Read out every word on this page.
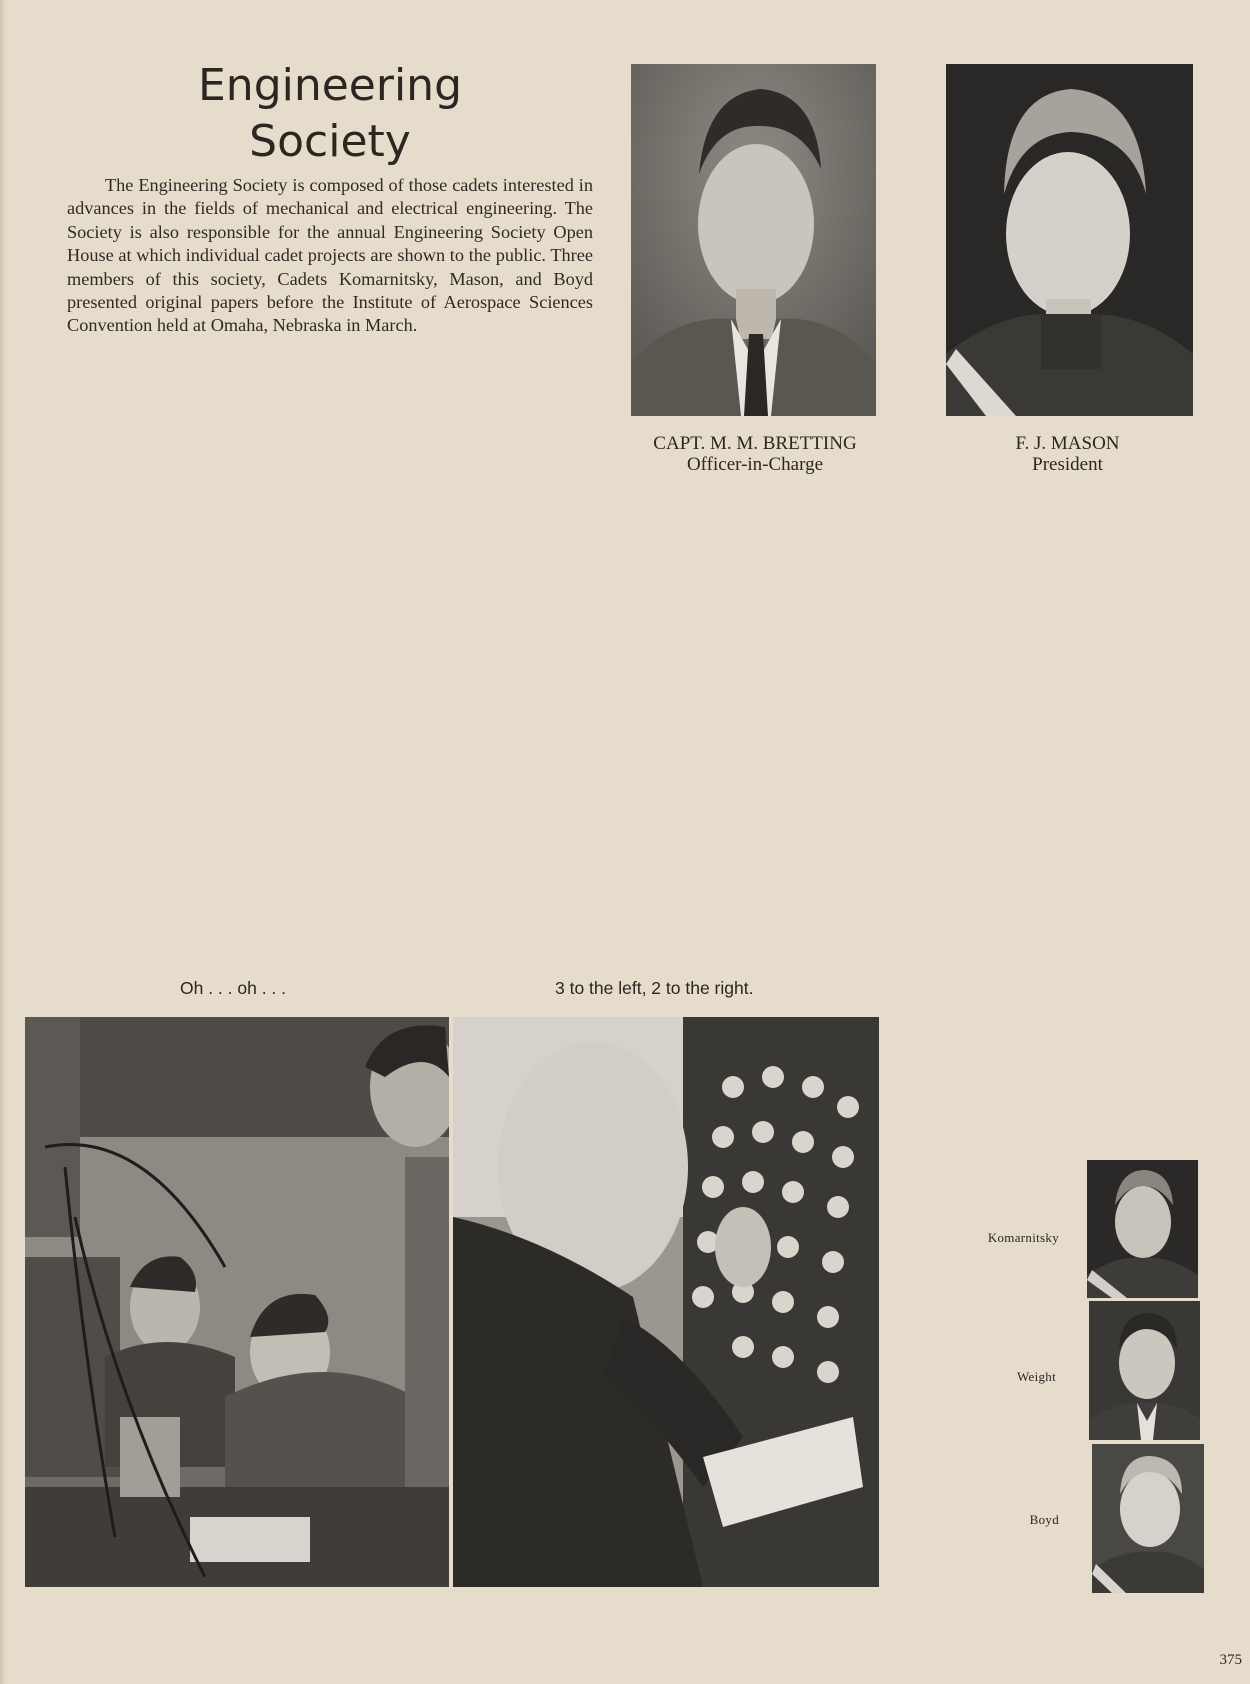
Engineering
Society

The Engineering Society is composed of those cadets interested in advances in the fields of mechanical and electrical engineering. The Society is also responsible for the annual Engineering Society Open House at which individual cadet projects are shown to the public. Three members of this society, Cadets Komarnitsky, Mason, and Boyd presented original papers before the Institute of Aerospace Sciences Convention held at Omaha, Nebraska in March.

CAPT. M. M. BRETTING
Officer-in-Charge
F. J. MASON
President
Oh . . . oh . . .	3 to the left, 2 to the right.
Komarnitsky
Weight
Boyd
375
